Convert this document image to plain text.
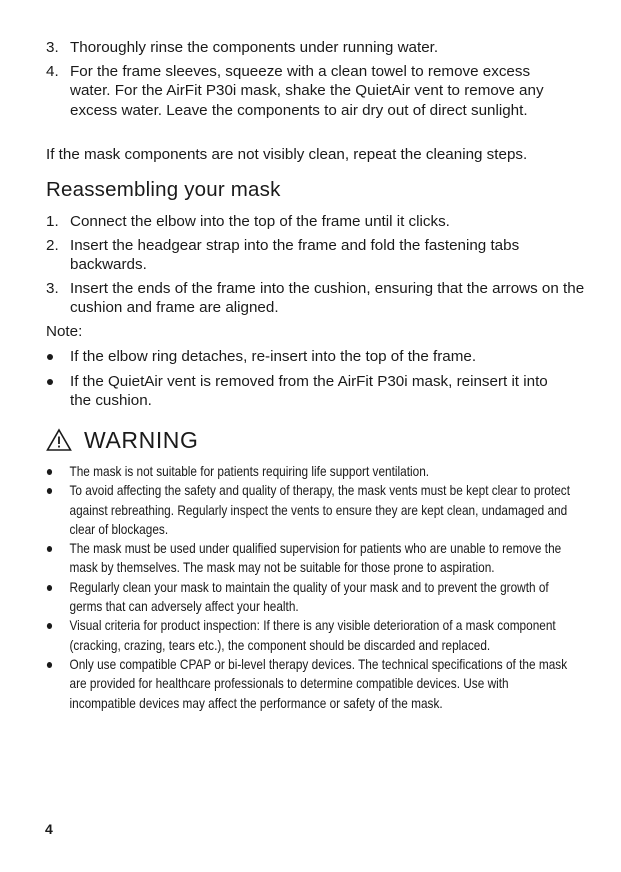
3. Thoroughly rinse the components under running water.
4. For the frame sleeves, squeeze with a clean towel to remove excess water. For the AirFit P30i mask, shake the QuietAir vent to remove any excess water. Leave the components to air dry out of direct sunlight.
If the mask components are not visibly clean, repeat the cleaning steps.
Reassembling your mask
1. Connect the elbow into the top of the frame until it clicks.
2. Insert the headgear strap into the frame and fold the fastening tabs backwards.
3. Insert the ends of the frame into the cushion, ensuring that the arrows on the cushion and frame are aligned.
Note:
If the elbow ring detaches, re-insert into the top of the frame.
If the QuietAir vent is removed from the AirFit P30i mask, reinsert it into the cushion.
WARNING
The mask is not suitable for patients requiring life support ventilation.
To avoid affecting the safety and quality of therapy, the mask vents must be kept clear to protect against rebreathing. Regularly inspect the vents to ensure they are kept clean, undamaged and clear of blockages.
The mask must be used under qualified supervision for patients who are unable to remove the mask by themselves. The mask may not be suitable for those prone to aspiration.
Regularly clean your mask to maintain the quality of your mask and to prevent the growth of germs that can adversely affect your health.
Visual criteria for product inspection: If there is any visible deterioration of a mask component (cracking, crazing, tears etc.), the component should be discarded and replaced.
Only use compatible CPAP or bi-level therapy devices. The technical specifications of the mask are provided for healthcare professionals to determine compatible devices. Use with incompatible devices may affect the performance or safety of the mask.
4
